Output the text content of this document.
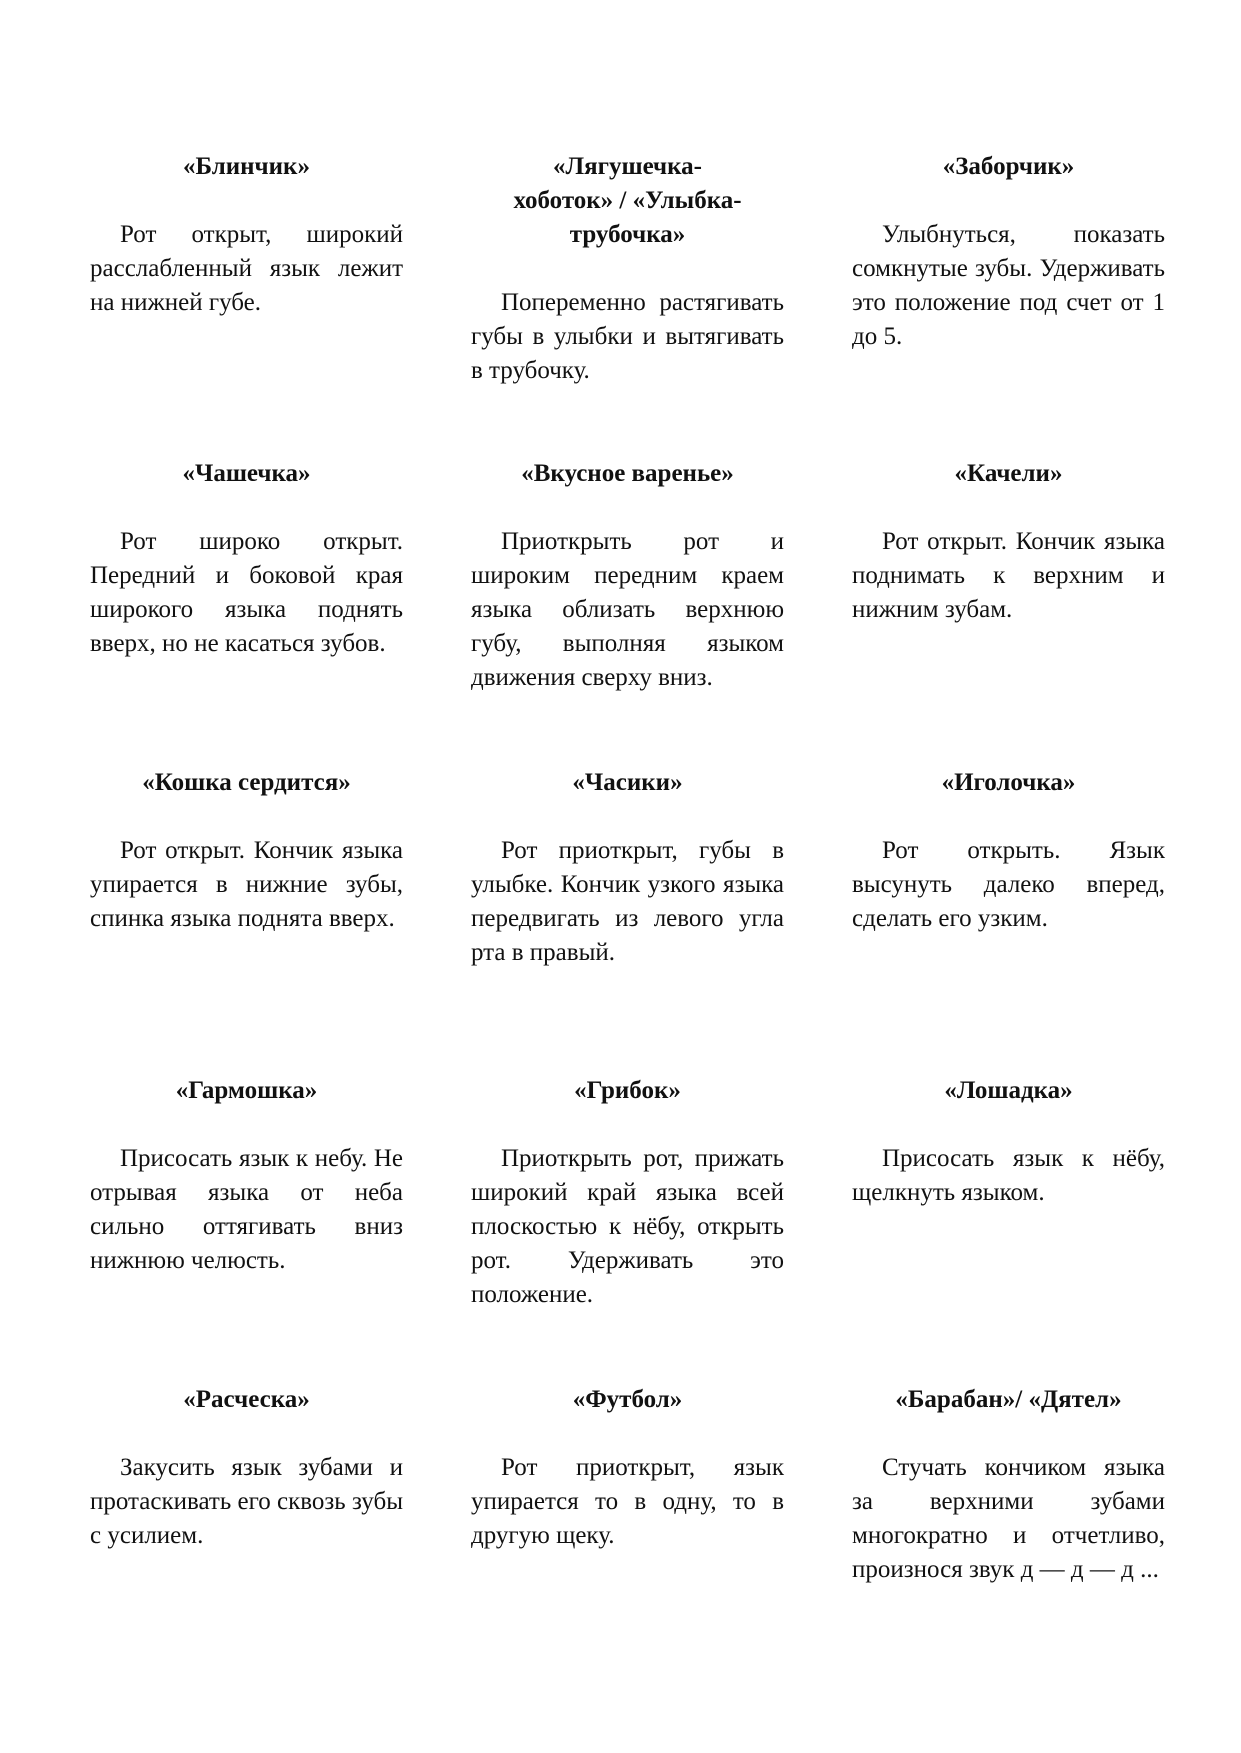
«Блинчик»

Рот открыт, широкий расслабленный язык лежит на нижней губе.

«Лягушечка-хоботок» / «Улыбка-трубочка»

Попеременно растягивать губы в улыбки и вытягивать в трубочку.

«Заборчик»

Улыбнуться, показать сомкнутые зубы. Удерживать это положение под счет от 1 до 5.

«Чашечка»

Рот широко открыт. Передний и боковой края широкого языка поднять вверх, но не касаться зубов.

«Вкусное варенье»

Приоткрыть рот и широким передним краем языка облизать верхнюю губу, выполняя языком движения сверху вниз.

«Качели»

Рот открыт. Кончик языка поднимать к верхним и нижним зубам.

«Кошка сердится»

Рот открыт. Кончик языка упирается в нижние зубы, спинка языка поднята вверх.

«Часики»

Рот приоткрыт, губы в улыбке. Кончик узкого языка передвигать из левого угла рта в правый.

«Иголочка»

Рот открыть. Язык высунуть далеко вперед, сделать его узким.

«Гармошка»

Присосать язык к небу. Не отрывая языка от неба сильно оттягивать вниз нижнюю челюсть.

«Грибок»

Приоткрыть рот, прижать широкий край языка всей плоскостью к нёбу, открыть рот. Удерживать это положение.

«Лошадка»

Присосать язык к нёбу, щелкнуть языком.

«Расческа»

Закусить язык зубами и протаскивать его сквозь зубы с усилием.

«Футбол»

Рот приоткрыт, язык упирается то в одну, то в другую щеку.

«Барабан»/ «Дятел»

Стучать кончиком языка за верхними зубами многократно и отчетливо, произнося звук д — д — д ...
